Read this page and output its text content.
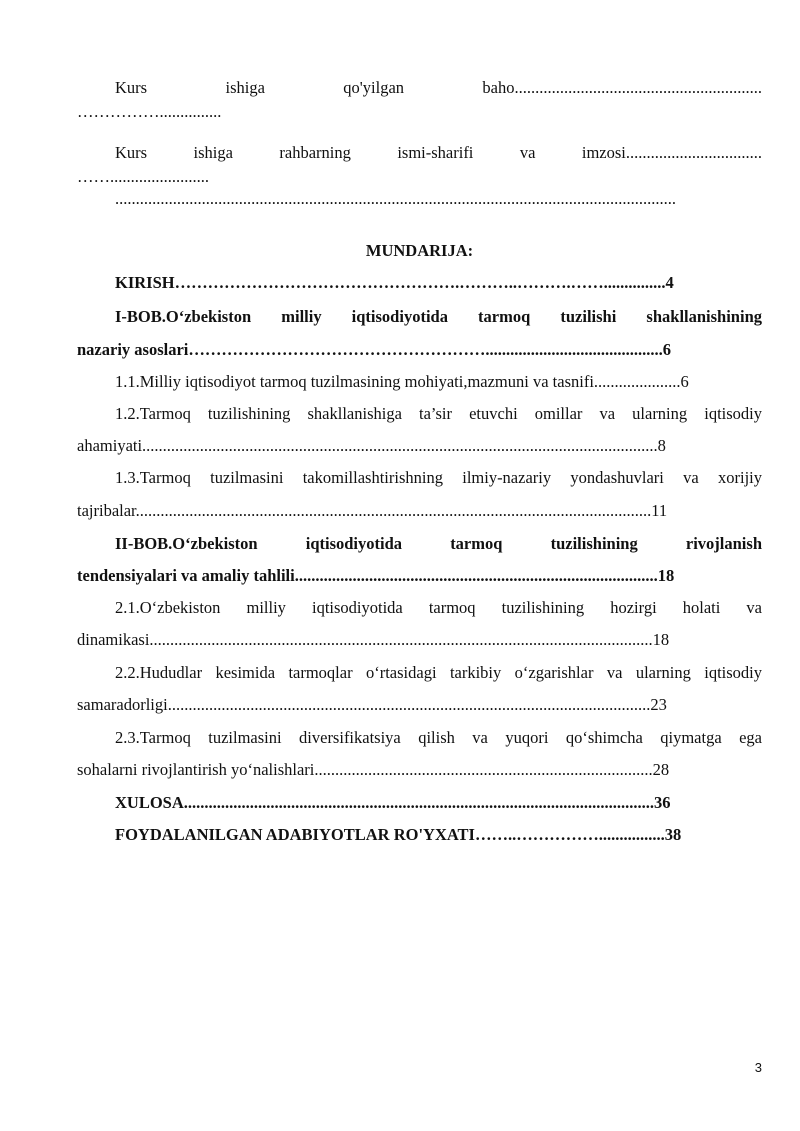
Kurs ishiga qo'yilgan baho............................................................
……………...............
Kurs ishiga rahbarning ismi-sharifi va imzosi.................................
……........................
........................................................................................................................................
MUNDARIJA:
KIRISH…………………………………………….………..……….……...............4
I-BOB.O‘zbekiston milliy iqtisodiyotida tarmoq tuzilishi shakllanishining
nazariy asoslari………………………………………………...........................................6
1.1.Milliy iqtisodiyot tarmoq tuzilmasining mohiyati,mazmuni va tasnifi.....................6
1.2.Tarmoq tuzilishining shakllanishiga ta’sir etuvchi omillar va ularning iqtisodiy
ahamiyati.............................................................................................................................8
1.3.Tarmoq tuzilmasini takomillashtirishning ilmiy-nazariy yondashuvlari va xorijiy
tajribalar.............................................................................................................................11
II-BOB.O‘zbekiston iqtisodiyotida tarmoq tuzilishining rivojlanish
tendensiyalari va amaliy tahlili........................................................................................18
2.1.O‘zbekiston milliy iqtisodiyotida tarmoq tuzilishining hozirgi holati va
dinamikasi..........................................................................................................................18
2.2.Hududlar kesimida tarmoqlar o‘rtasidagi tarkibiy o‘zgarishlar va ularning iqtisodiy
samaradorligi.....................................................................................................................23
2.3.Tarmoq tuzilmasini diversifikatsiya qilish va yuqori qo‘shimcha qiymatga ega
sohalarni rivojlantirish yo‘nalishlari..................................................................................28
XULOSA..................................................................................................................36
FOYDALANILGAN ADABIYOTLAR RO'YXATI……..……………................38
3
